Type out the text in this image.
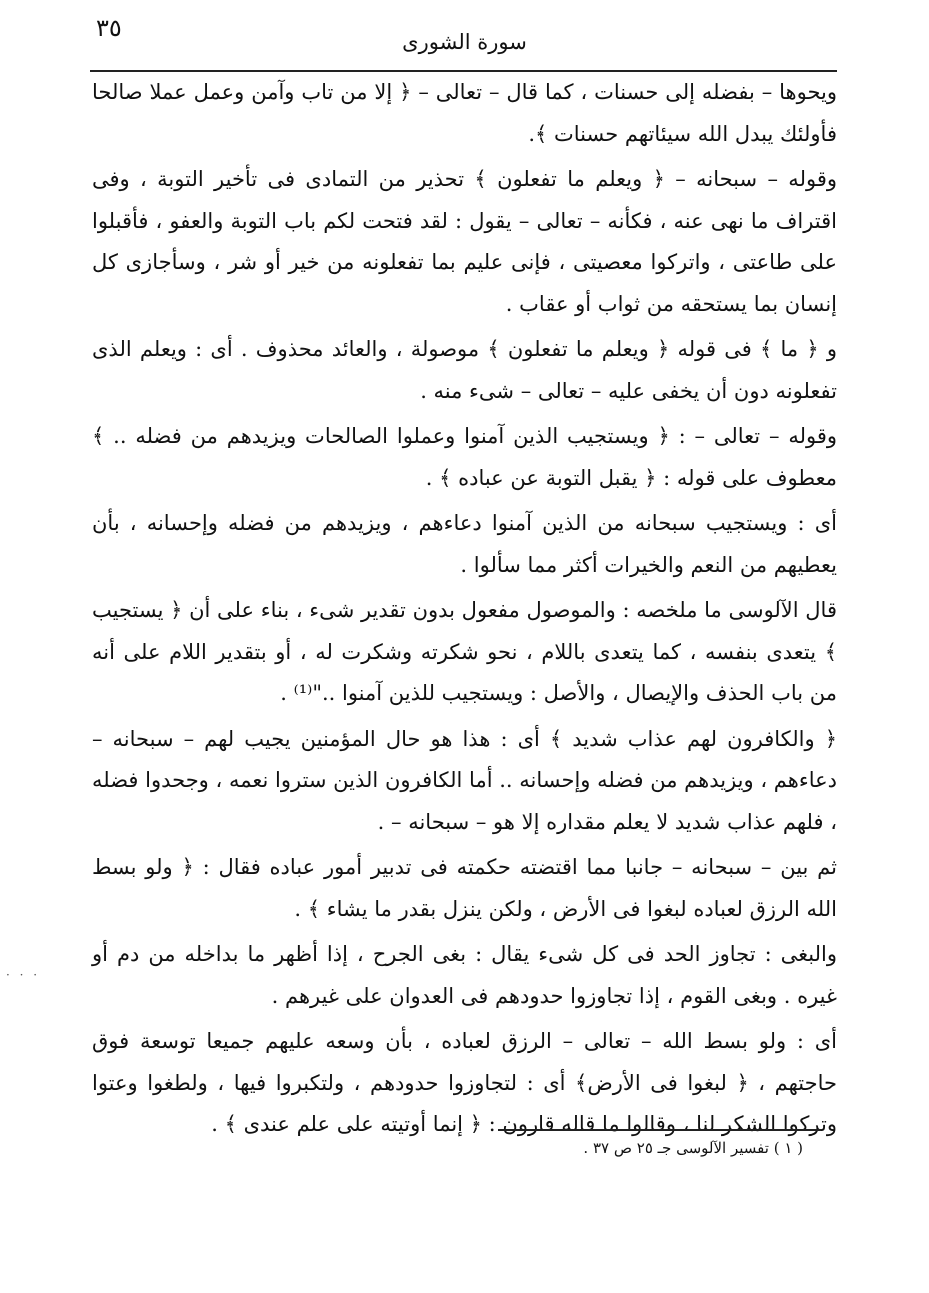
٣٥	سورة الشورى

ويحوها – بفضله إلى حسنات ، كما قال – تعالى – ﴿ إلا من تاب وآمن وعمل عملا صالحا فأولئك يبدل الله سيئاتهم حسنات ﴾.

وقوله – سبحانه – ﴿ ويعلم ما تفعلون ﴾ تحذير من التمادى فى تأخير التوبة ، وفى اقتراف ما نهى عنه ، فكأنه – تعالى – يقول : لقد فتحت لكم باب التوبة والعفو ، فأقبلوا على طاعتى ، واتركوا معصيتى ، فإنى عليم بما تفعلونه من خير أو شر ، وسأجازى كل إنسان بما يستحقه من ثواب أو عقاب .

و ﴿ ما ﴾ فى قوله ﴿ ويعلم ما تفعلون ﴾ موصولة ، والعائد محذوف . أى : ويعلم الذى تفعلونه دون أن يخفى عليه – تعالى – شىء منه .

وقوله – تعالى – : ﴿ ويستجيب الذين آمنوا وعملوا الصالحات ويزيدهم من فضله .. ﴾ معطوف على قوله : ﴿ يقبل التوبة عن عباده ﴾ .

أى : ويستجيب سبحانه من الذين آمنوا دعاءهم ، ويزيدهم من فضله وإحسانه ، بأن يعطيهم من النعم والخيرات أكثر مما سألوا .

قال الآلوسى ما ملخصه : والموصول مفعول بدون تقدير شىء ، بناء على أن ﴿ يستجيب ﴾ يتعدى بنفسه ، كما يتعدى باللام ، نحو شكرته وشكرت له ، أو بتقدير اللام على أنه من باب الحذف والإيصال ، والأصل : ويستجيب للذين آمنوا .."⁽¹⁾ .

﴿ والكافرون لهم عذاب شديد ﴾ أى : هذا هو حال المؤمنين يجيب لهم – سبحانه – دعاءهم ، ويزيدهم من فضله وإحسانه .. أما الكافرون الذين ستروا نعمه ، وجحدوا فضله ، فلهم عذاب شديد لا يعلم مقداره إلا هو – سبحانه – .

ثم بين – سبحانه – جانبا مما اقتضته حكمته فى تدبير أمور عباده فقال : ﴿ ولو بسط الله الرزق لعباده لبغوا فى الأرض ، ولكن ينزل بقدر ما يشاء ﴾ .

والبغى : تجاوز الحد فى كل شىء يقال : بغى الجرح ، إذا أظهر ما بداخله من دم أو غيره . وبغى القوم ، إذا تجاوزوا حدودهم فى العدوان على غيرهم .

أى : ولو بسط الله – تعالى – الرزق لعباده ، بأن وسعه عليهم جميعا توسعة فوق حاجتهم ، ﴿ لبغوا فى الأرض﴾ أى : لتجاوزوا حدودهم ، ولتكبروا فيها ، ولطغوا وعتوا وتركوا الشكر لنا ، وقالوا ما قاله قارون : ﴿ إنما أوتيته على علم عندى ﴾ .

· · ·
( ١ ) تفسير الآلوسى جـ ٢٥ ص ٣٧ .
